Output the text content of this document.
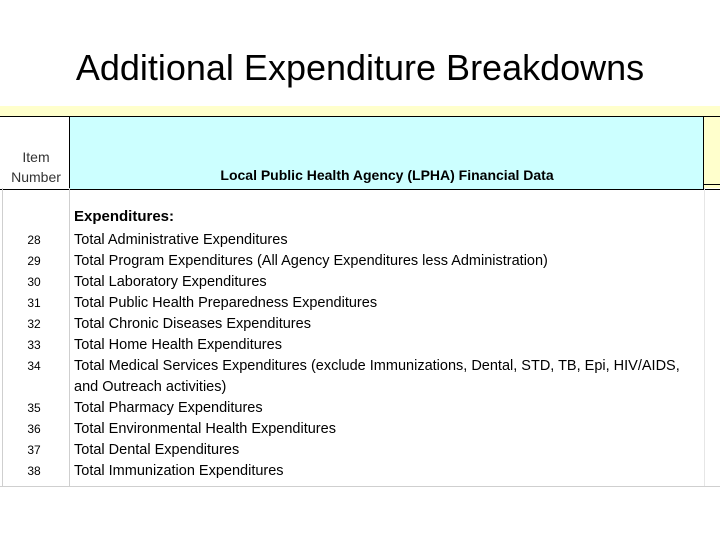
Additional Expenditure Breakdowns
Item Number	Local Public Health Agency (LPHA) Financial Data
Expenditures:
28	Total Administrative Expenditures
29	Total Program Expenditures (All Agency Expenditures less Administration)
30	Total Laboratory Expenditures
31	Total Public Health Preparedness Expenditures
32	Total Chronic Diseases Expenditures
33	Total Home Health Expenditures
34	Total Medical Services Expenditures (exclude Immunizations, Dental, STD, TB, Epi, HIV/AIDS, and Outreach activities)
35	Total Pharmacy Expenditures
36	Total Environmental Health Expenditures
37	Total Dental Expenditures
38	Total Immunization Expenditures
